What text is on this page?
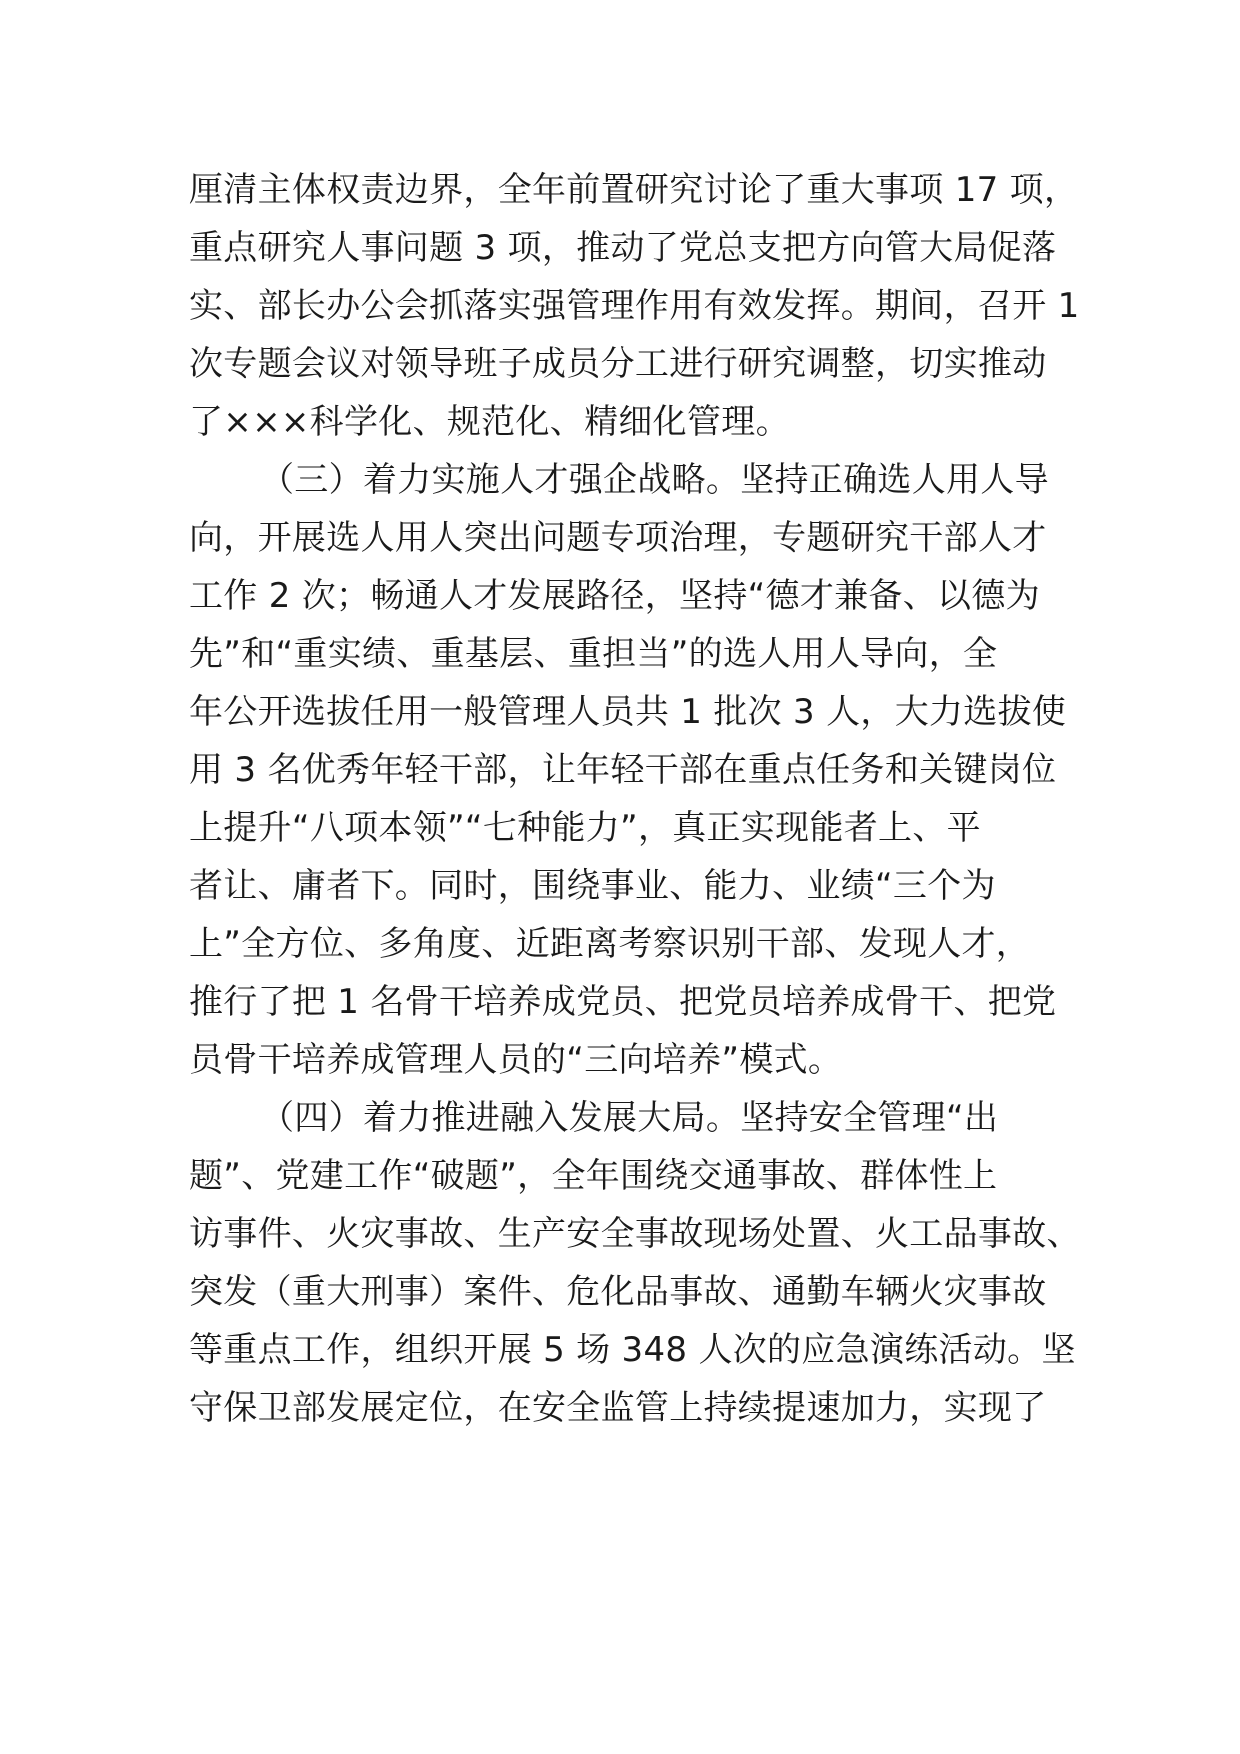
厘清主体权责边界，全年前置研究讨论了重大事项 17 项，
重点研究人事问题 3 项，推动了党总支把方向管大局促落
实、部长办公会抓落实强管理作用有效发挥。期间，召开 1
次专题会议对领导班子成员分工进行研究调整，切实推动
了×××科学化、规范化、精细化管理。
（三）着力实施人才强企战略。坚持正确选人用人导
向，开展选人用人突出问题专项治理，专题研究干部人才
工作 2 次；畅通人才发展路径，坚持“德才兼备、以德为
先”和“重实绩、重基层、重担当”的选人用人导向，全
年公开选拔任用一般管理人员共 1 批次 3 人，大力选拔使
用 3 名优秀年轻干部，让年轻干部在重点任务和关键岗位
上提升“八项本领”“七种能力”，真正实现能者上、平
者让、庸者下。同时，围绕事业、能力、业绩“三个为
上”全方位、多角度、近距离考察识别干部、发现人才，
推行了把 1 名骨干培养成党员、把党员培养成骨干、把党
员骨干培养成管理人员的“三向培养”模式。
（四）着力推进融入发展大局。坚持安全管理“出
题”、党建工作“破题”，全年围绕交通事故、群体性上
访事件、火灾事故、生产安全事故现场处置、火工品事故、
突发（重大刑事）案件、危化品事故、通勤车辆火灾事故
等重点工作，组织开展 5 场 348 人次的应急演练活动。坚
守保卫部发展定位，在安全监管上持续提速加力，实现了
